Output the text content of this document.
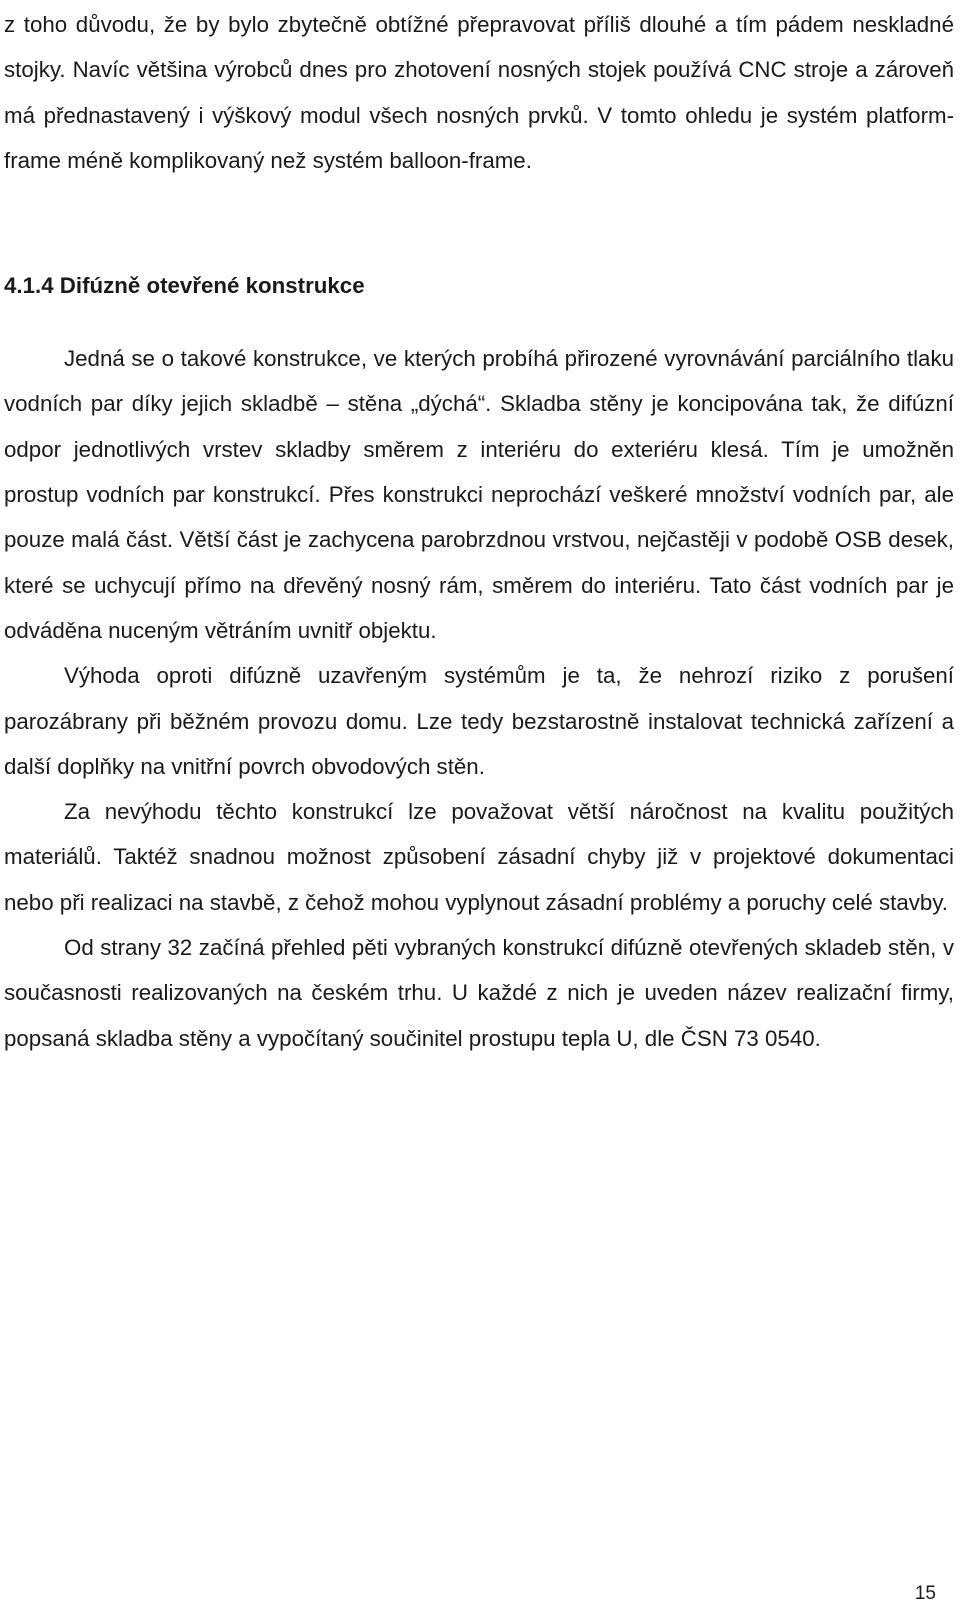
z toho důvodu, že by bylo zbytečně obtížné přepravovat příliš dlouhé a tím pádem neskladné stojky. Navíc většina výrobců dnes pro zhotovení nosných stojek používá CNC stroje a zároveň má přednastavený i výškový modul všech nosných prvků. V tomto ohledu je systém platform-frame méně komplikovaný než systém balloon-frame.

4.1.4 Difúzně otevřené konstrukce

Jedná se o takové konstrukce, ve kterých probíhá přirozené vyrovnávání parciálního tlaku vodních par díky jejich skladbě – stěna „dýchá“. Skladba stěny je koncipována tak, že difúzní odpor jednotlivých vrstev skladby směrem z interiéru do exteriéru klesá. Tím je umožněn prostup vodních par konstrukcí. Přes konstrukci neprochází veškeré množství vodních par, ale pouze malá část. Větší část je zachycena parobrzdnou vrstvou, nejčastěji v podobě OSB desek, které se uchycují přímo na dřevěný nosný rám, směrem do interiéru. Tato část vodních par je odváděna nuceným větráním uvnitř objektu.

Výhoda oproti difúzně uzavřeným systémům je ta, že nehrozí riziko z porušení parozábrany při běžném provozu domu. Lze tedy bezstarostně instalovat technická zařízení a další doplňky na vnitřní povrch obvodových stěn.

Za nevýhodu těchto konstrukcí lze považovat větší náročnost na kvalitu použitých materiálů. Taktéž snadnou možnost způsobení zásadní chyby již v projektové dokumentaci nebo při realizaci na stavbě, z čehož mohou vyplynout zásadní problémy a poruchy celé stavby.

Od strany 32 začíná přehled pěti vybraných konstrukcí difúzně otevřených skladeb stěn, v současnosti realizovaných na českém trhu. U každé z nich je uveden název realizační firmy, popsaná skladba stěny a vypočítaný součinitel prostupu tepla U, dle ČSN 73 0540.

15
